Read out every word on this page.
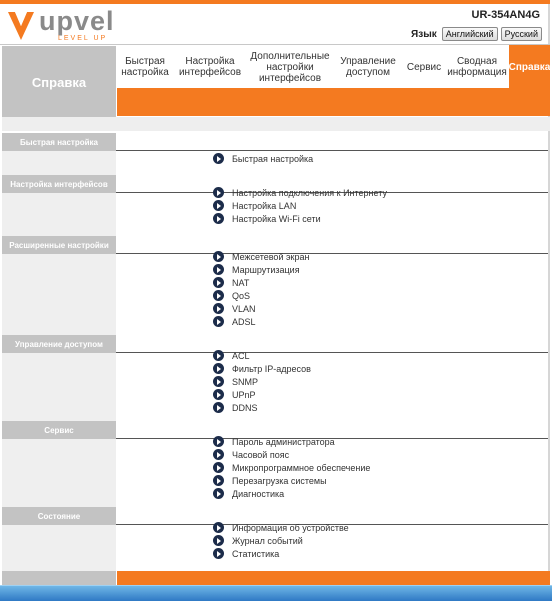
upvel
LEVEL UP
UR-354AN4G
Язык	Английский	Русский
Справка
Быстрая настройка
Настройка интерфейсов
Дополнительные настройки интерфейсов
Управление доступом	Сервис	Сводная информация Справка
Быстрая настройка
Быстрая настройка
Настройка интерфейсов
Настройка подключения к Интернету
Настройка LAN
Настройка Wi-Fi сети
Расширенные настройки
Межсетевой экран
Маршрутизация
NAT
QoS
VLAN
ADSL
Управление доступом
ACL
Фильтр IP-адресов
SNMP
UPnP
DDNS
Сервис
Пароль администратора
Часовой пояс
Микропрограммное обеспечение
Перезагрузка системы
Диагностика
Состояние
Информация об устройстве
Журнал событий
Статистика
